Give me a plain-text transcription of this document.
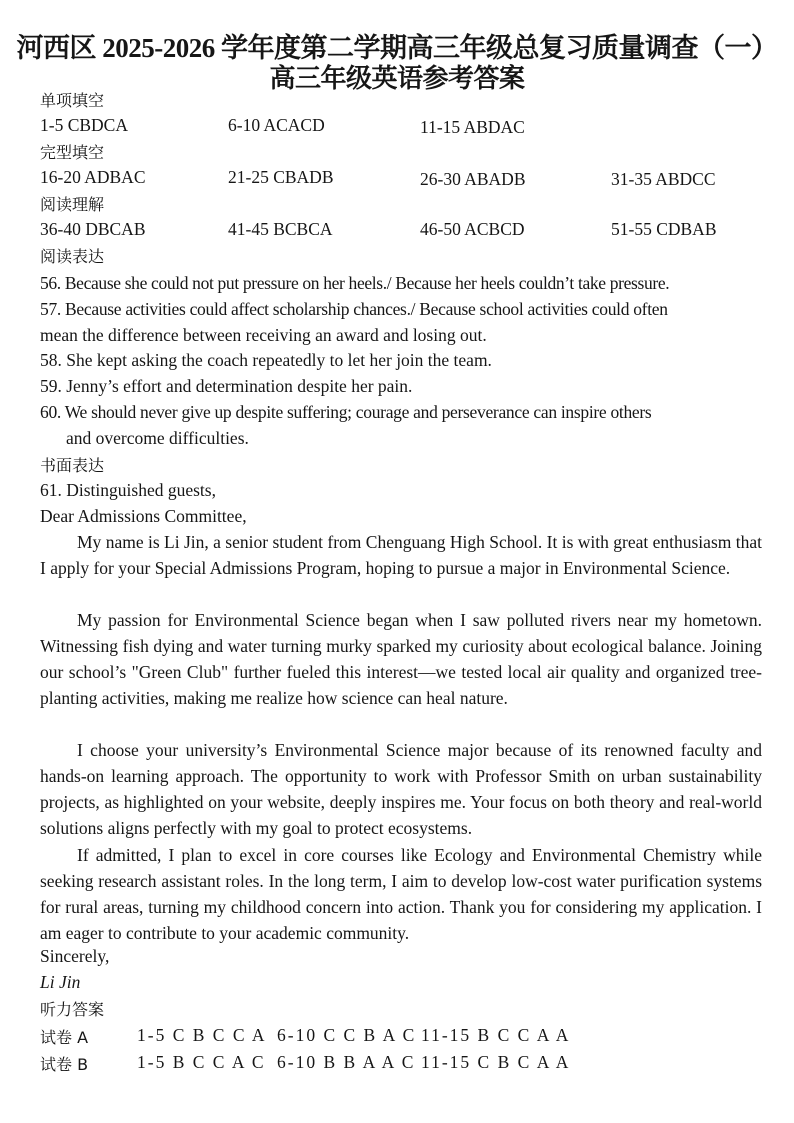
河西区 2025-2026 学年度第二学期高三年级总复习质量调查（一）
高三年级英语参考答案
单项填空
1-5 CBDCA	6-10 ACACD	11-15 ABDAC
完型填空
16-20 ADBAC	21-25 CBADB	26-30 ABADB	31-35 ABDCC
阅读理解
36-40 DBCAB	41-45 BCBCA	46-50 ACBCD	51-55 CDBAB
阅读表达
56. Because she could not put pressure on her heels./ Because her heels couldn’t take pressure.
57. Because activities could affect scholarship chances./ Because school activities could often
mean the difference between receiving an award and losing out.
58. She kept asking the coach repeatedly to let her join the team.
59. Jenny’s effort and determination despite her pain.
60. We should never give up despite suffering; courage and perseverance can inspire others
and overcome difficulties.
书面表达
61. Distinguished guests,
Dear Admissions Committee,
My name is Li Jin, a senior student from Chenguang High School. It is with great enthusiasm that I apply for your Special Admissions Program, hoping to pursue a major in Environmental Science.
My passion for Environmental Science began when I saw polluted rivers near my hometown. Witnessing fish dying and water turning murky sparked my curiosity about ecological balance. Joining our school’s "Green Club" further fueled this interest—we tested local air quality and organized tree-planting activities, making me realize how science can heal nature.
I choose your university’s Environmental Science major because of its renowned faculty and hands-on learning approach. The opportunity to work with Professor Smith on urban sustainability projects, as highlighted on your website, deeply inspires me. Your focus on both theory and real-world solutions aligns perfectly with my goal to protect ecosystems.
If admitted, I plan to excel in core courses like Ecology and Environmental Chemistry while seeking research assistant roles. In the long term, I aim to develop low-cost water purification systems for rural areas, turning my childhood concern into action. Thank you for considering my application. I am eager to contribute to your academic community.
Sincerely,
Li Jin
听力答案
试卷 A	1-5 C B C C A 6-10 C C B A C 11-15 B C C A A
试卷 B	1-5 B C C A C 6-10 B B A A C 11-15 C B C A A
